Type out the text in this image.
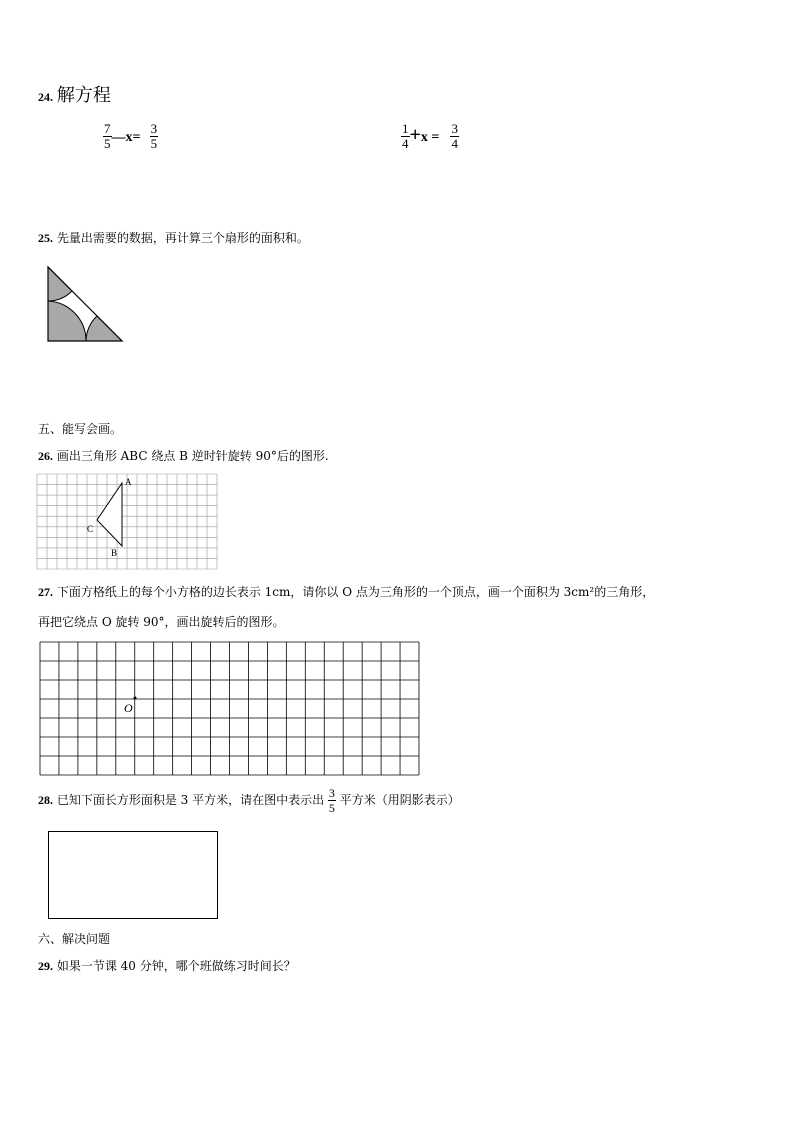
24. 解方程
$\frac{7}{5}$ —x= $\frac{3}{5}$	$\frac{1}{4} +x = \frac{3}{4}$
25. 先量出需要的数据，再计算三个扇形的面积和。
五、能写会画。
26. 画出三角形 ABC 绕点 B 逆时针旋转 90°后的图形.
A
C
B
27. 下面方格纸上的每个小方格的边长表示 1cm，请你以 O 点为三角形的一个顶点，画一个面积为 3cm²的三角形，
再把它绕点 O 旋转 90°，画出旋转后的图形。
O
28. 已知下面长方形面积是 3 平方米，请在图中表示出 $\frac{3}{5}$ 平方米（用阴影表示）
六、解决问题
29. 如果一节课 40 分钟，哪个班做练习时间长？
